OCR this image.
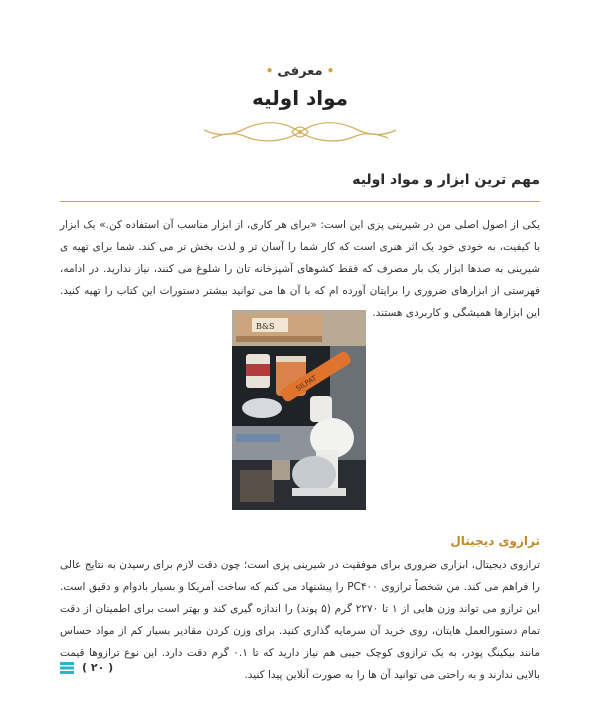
•معرفی•
مواد اولیه
مهم ترین ابزار و مواد اولیه

یکی از اصول اصلی من در شیرینی پزی این است: «برای هر کاری، از ابزار مناسب آن استفاده کن.» یک ابزار با کیفیت، به خودی خود یک اثر هنری است که کار شما را آسان تر و لذت بخش تر می کند. شما برای تهیه ی شیرینی به صدها ابزار یک بار مصرف که فقط کشوهای آشپزخانه تان را شلوغ می کنند، نیاز ندارید. در ادامه، فهرستی از ابزارهای ضروری را برایتان آورده ام که با آن ها می توانید بیشتر دستورات این کتاب را تهیه کنید. این ابزارها همیشگی و کاربردی هستند.

B&S
SILPAT
ترازوی دیجیتال

ترازوی دیجیتال، ابزاری ضروری برای موفقیت در شیرینی پزی است؛ چون دقت لازم برای رسیدن به نتایج عالی را فراهم می کند. من شخصاً ترازوی PC۴۰۰ را پیشنهاد می کنم که ساخت آمریکا و بسیار بادوام و دقیق است. این ترازو می تواند وزن هایی از ۱ تا ۲۲۷۰ گرم (۵ پوند) را اندازه گیری کند و بهتر است برای اطمینان از دقت تمام دستورالعمل هایتان، روی خرید آن سرمایه گذاری کنید. برای وزن کردن مقادیر بسیار کم از مواد حساس مانند بیکینگ پودر، به یک ترازوی کوچک جیبی هم نیاز دارید که تا ۰.۱ گرم دقت دارد. این نوع ترازوها قیمت بالایی ندارند و به راحتی می توانید آن ها را به صورت آنلاین پیدا کنید.

( ۲۰ )
